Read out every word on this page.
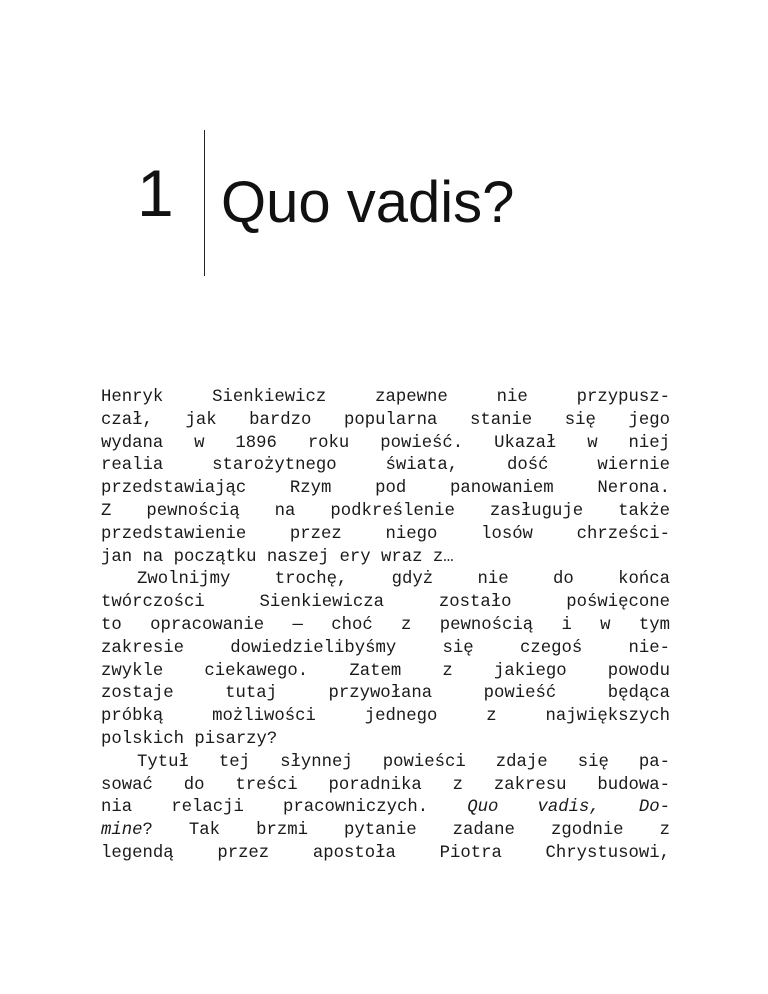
1 Quo vadis?
Henryk Sienkiewicz zapewne nie przypusz-
czał, jak bardzo popularna stanie się jego
wydana w 1896 roku powieść. Ukazał w niej
realia starożytnego świata, dość wiernie
przedstawiając Rzym pod panowaniem Nerona.
Z pewnością na podkreślenie zasługuje także
przedstawienie przez niego losów chrześci-
jan na początku naszej ery wraz z…
Zwolnijmy trochę, gdyż nie do końca
twórczości Sienkiewicza zostało poświęcone
to opracowanie — choć z pewnością i w tym
zakresie dowiedzielibyśmy się czegoś nie-
zwykle ciekawego. Zatem z jakiego powodu
zostaje tutaj przywołana powieść będąca
próbką możliwości jednego z największych
polskich pisarzy?
Tytuł tej słynnej powieści zdaje się pa-
sować do treści poradnika z zakresu budowa-
nia relacji pracowniczych. Quo vadis, Do-
mine? Tak brzmi pytanie zadane zgodnie z
legendą przez apostoła Piotra Chrystusowi,
